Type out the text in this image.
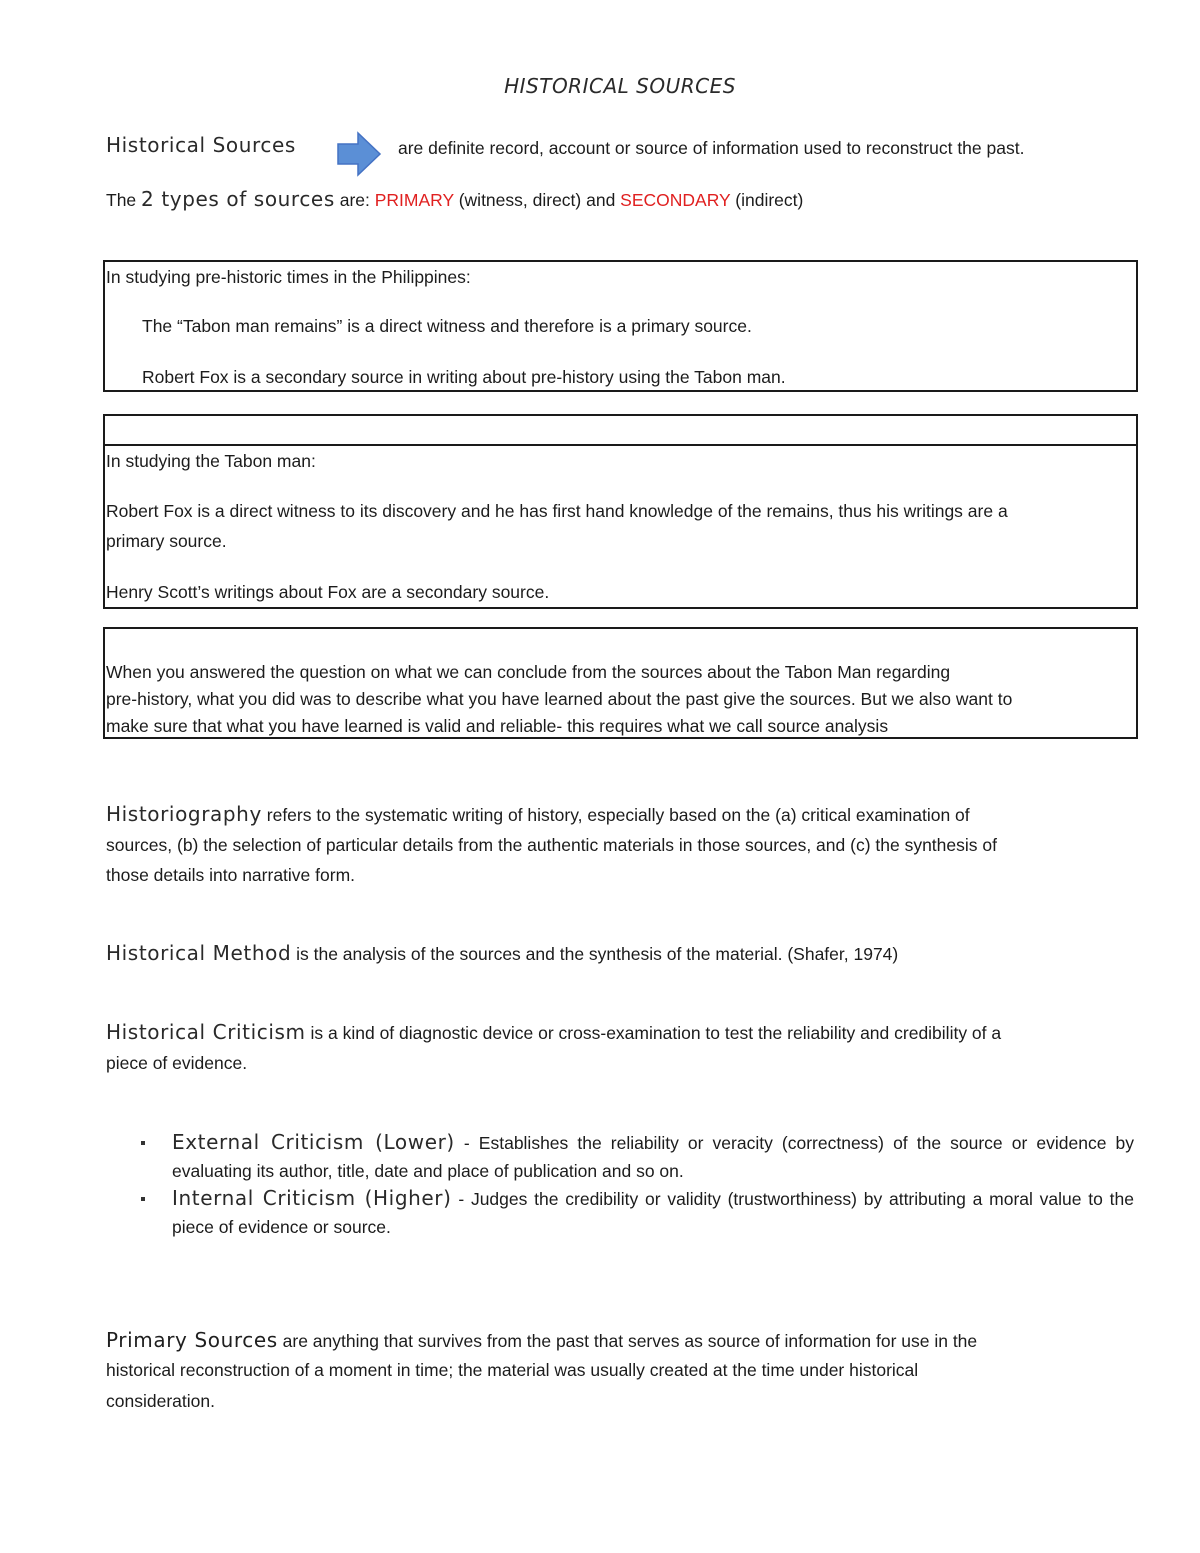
HISTORICAL SOURCES
Historical Sources	are definite record, account or source of information used to reconstruct the past.
The 2 types of sources are: PRIMARY (witness, direct) and SECONDARY (indirect)
In studying pre-historic times in the Philippines:
The “Tabon man remains” is a direct witness and therefore is a primary source.
Robert Fox is a secondary source in writing about pre-history using the Tabon man.
In studying the Tabon man:
Robert Fox is a direct witness to its discovery and he has first hand knowledge of the remains, thus his writings are a
primary source.
Henry Scott’s writings about Fox are a secondary source.
When you answered the question on what we can conclude from the sources about the Tabon Man regarding
pre-history, what you did was to describe what you have learned about the past give the sources. But we also want to
make sure that what you have learned is valid and reliable- this requires what we call source analysis
Historiography refers to the systematic writing of history, especially based on the (a) critical examination of
sources, (b) the selection of particular details from the authentic materials in those sources, and (c) the synthesis of
those details into narrative form.
Historical Method is the analysis of the sources and the synthesis of the material. (Shafer, 1974)
Historical Criticism is a kind of diagnostic device or cross-examination to test the reliability and credibility of a
piece of evidence.
External Criticism (Lower) - Establishes the reliability or veracity (correctness) of the source or evidence by evaluating its author, title, date and place of publication and so on.
Internal Criticism (Higher) - Judges the credibility or validity (trustworthiness) by attributing a moral value to the piece of evidence or source.
Primary Sources are anything that survives from the past that serves as source of information for use in the
historical reconstruction of a moment in time; the material was usually created at the time under historical
consideration.
